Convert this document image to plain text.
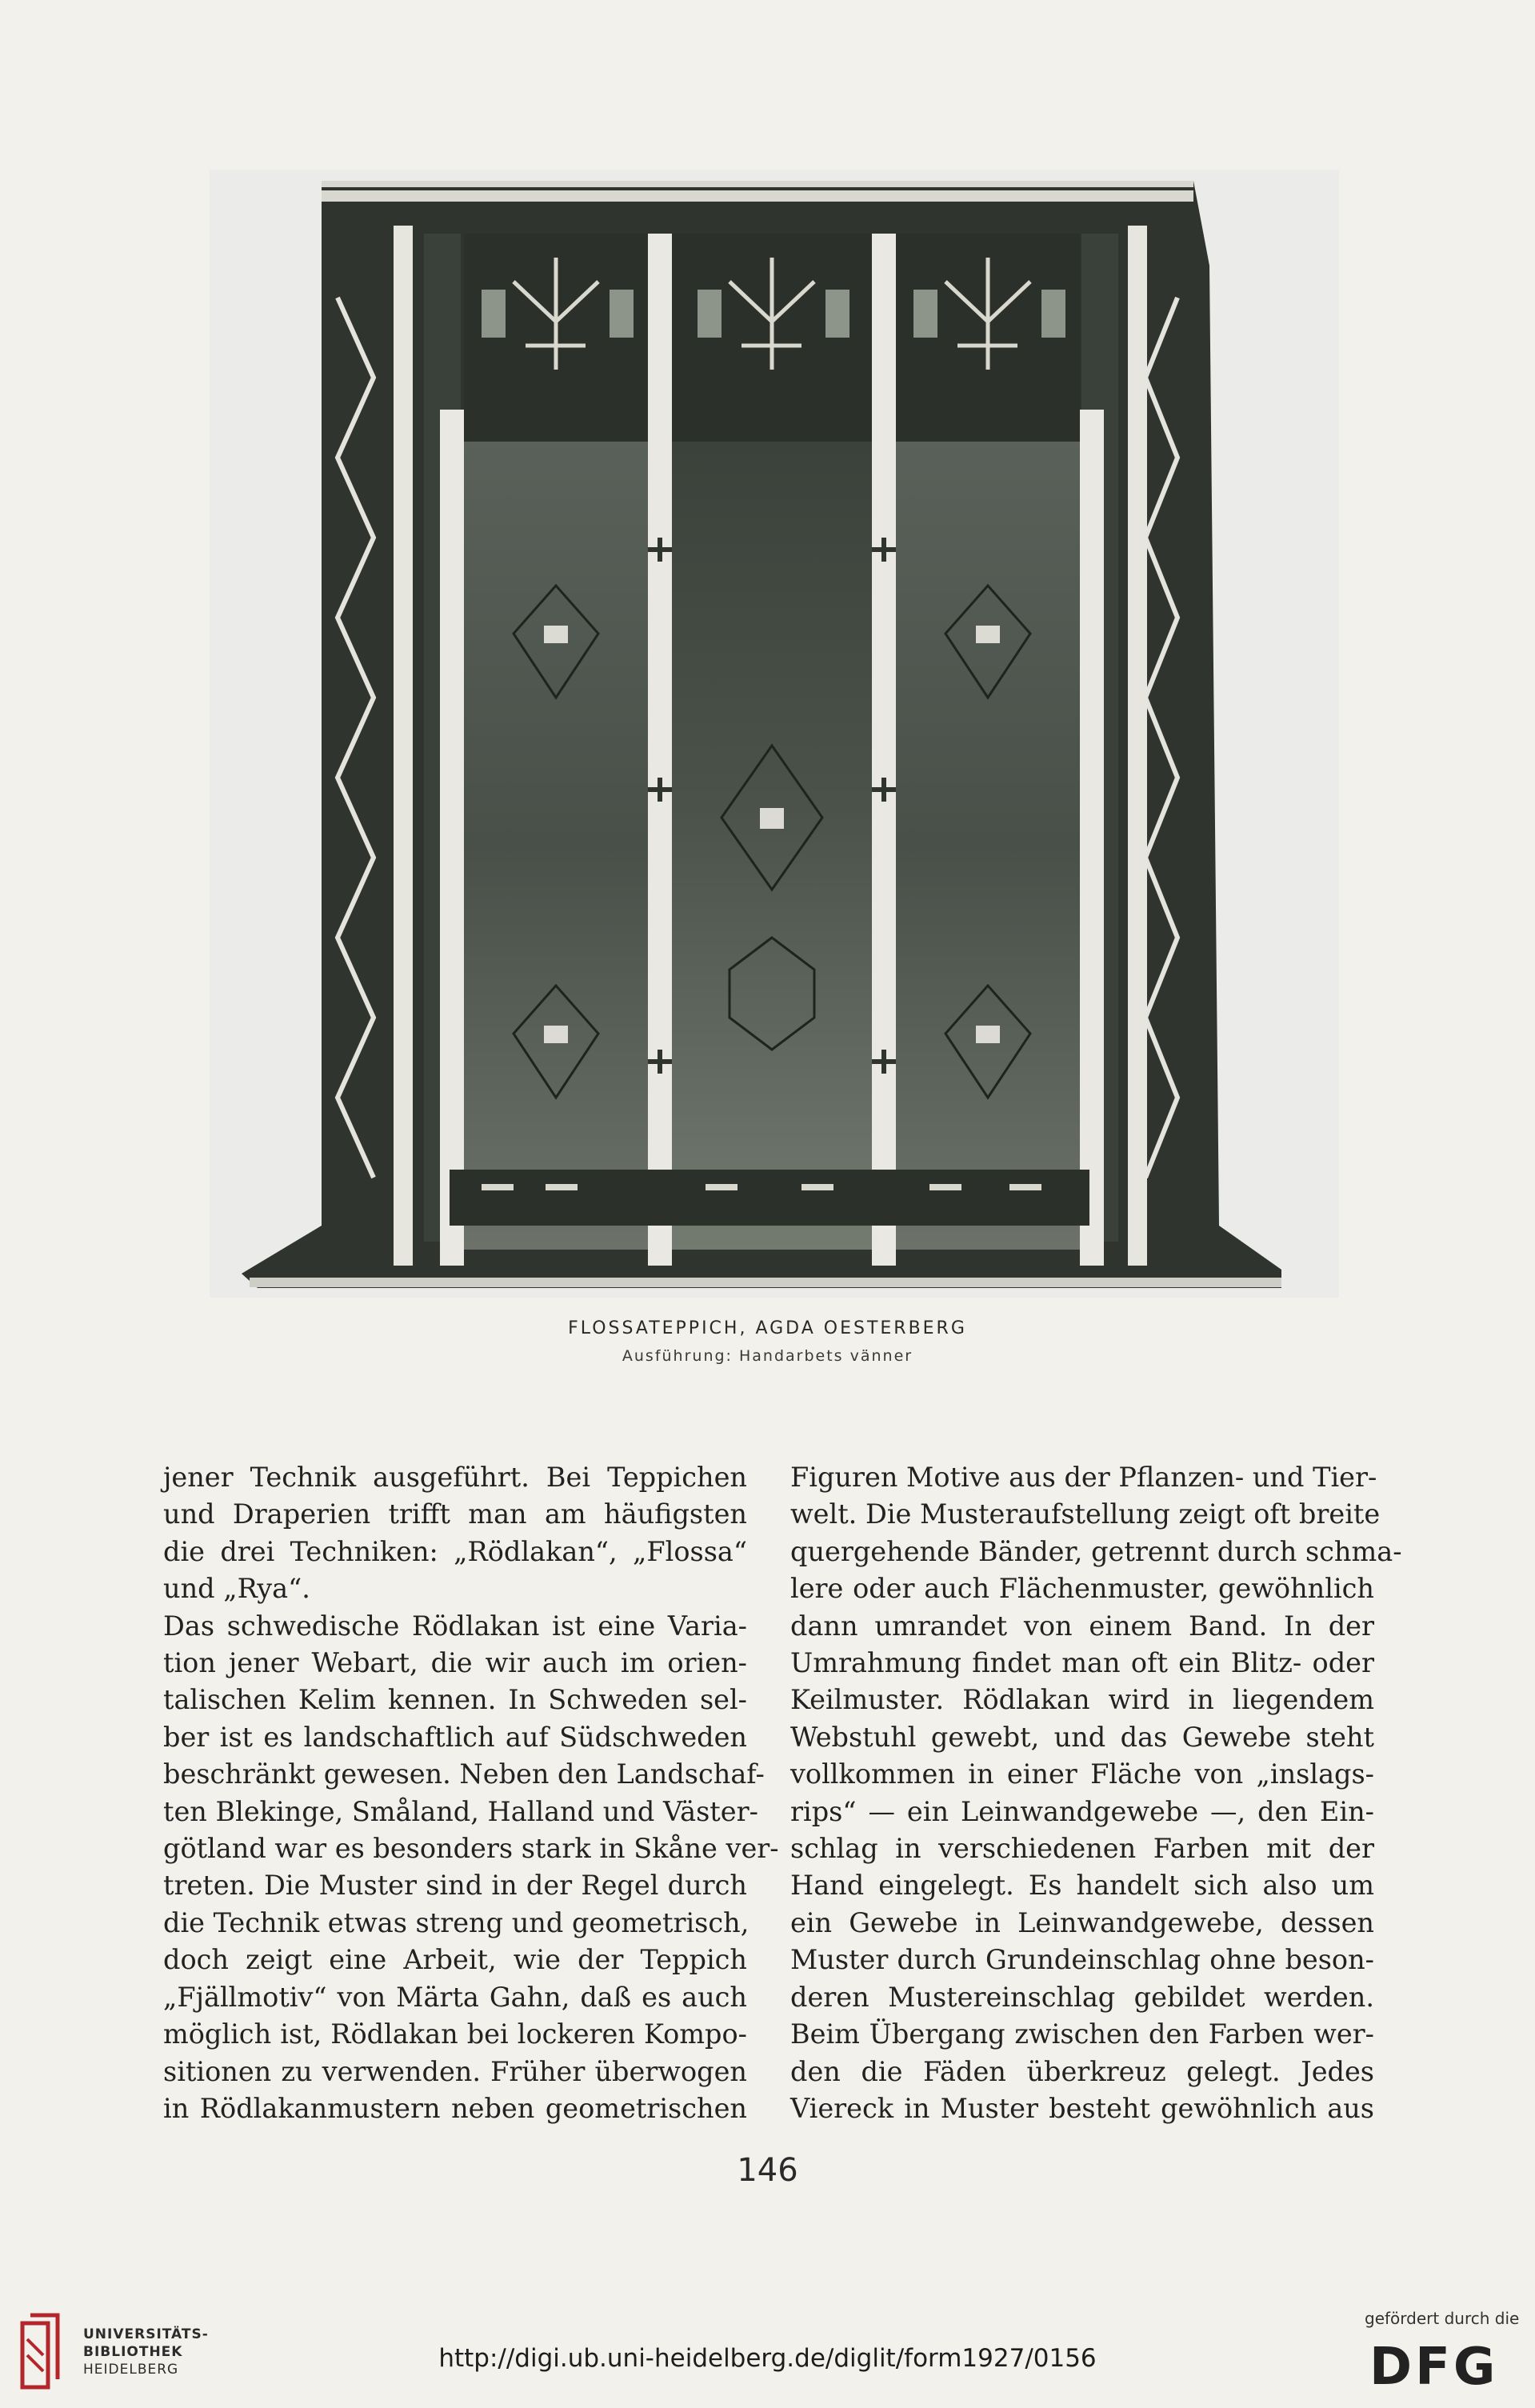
FLOSSATEPPICH, AGDA OESTERBERG
Ausführung: Handarbets vänner
jener Technik ausgeführt. Bei Teppichen
und Draperien trifft man am häufigsten
die drei Techniken: „Rödlakan“, „Flossa“
und „Rya“.
Das schwedische Rödlakan ist eine Varia-
tion jener Webart, die wir auch im orien-
talischen Kelim kennen. In Schweden sel-
ber ist es landschaftlich auf Südschweden
beschränkt gewesen. Neben den Landschaf-
ten Blekinge, Småland, Halland und Väster-
götland war es besonders stark in Skåne ver-
treten. Die Muster sind in der Regel durch
die Technik etwas streng und geometrisch,
doch zeigt eine Arbeit, wie der Teppich
„Fjällmotiv“ von Märta Gahn, daß es auch
möglich ist, Rödlakan bei lockeren Kompo-
sitionen zu verwenden. Früher überwogen
in Rödlakanmustern neben geometrischen
Figuren Motive aus der Pflanzen- und Tier-
welt. Die Musteraufstellung zeigt oft breite
quergehende Bänder, getrennt durch schma-
lere oder auch Flächenmuster, gewöhnlich
dann umrandet von einem Band. In der
Umrahmung findet man oft ein Blitz- oder
Keilmuster. Rödlakan wird in liegendem
Webstuhl gewebt, und das Gewebe steht
vollkommen in einer Fläche von „inslags-
rips“ — ein Leinwandgewebe —, den Ein-
schlag in verschiedenen Farben mit der
Hand eingelegt. Es handelt sich also um
ein Gewebe in Leinwandgewebe, dessen
Muster durch Grundeinschlag ohne beson-
deren Mustereinschlag gebildet werden.
Beim Übergang zwischen den Farben wer-
den die Fäden überkreuz gelegt. Jedes
Viereck in Muster besteht gewöhnlich aus
146
UNIVERSITÄTS-
BIBLIOTHEK
HEIDELBERG	http://digi.ub.uni-heidelberg.de/diglit/form1927/0156
gefördert durch die
DFG
